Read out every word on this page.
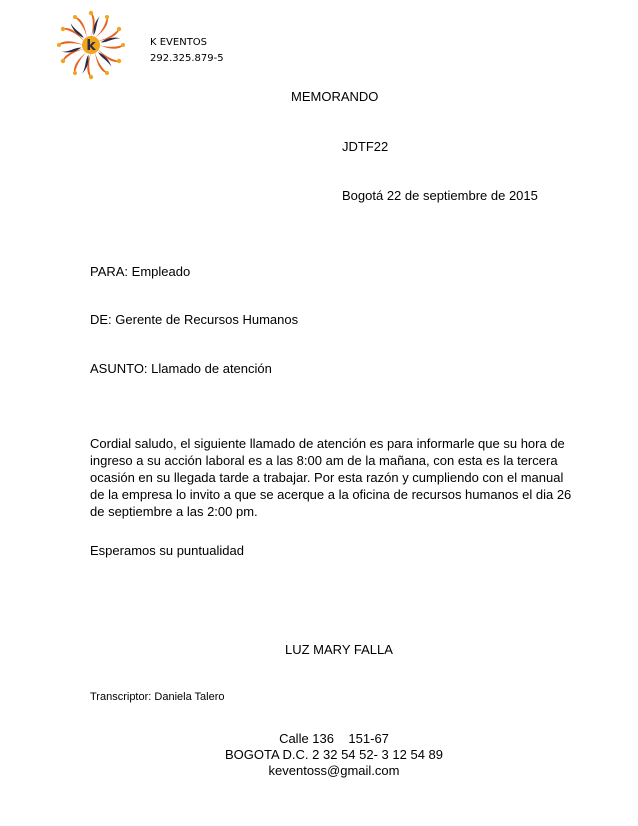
k	K EVENTOS
292.325.879-5
MEMORANDO
JDTF22
Bogotá 22 de septiembre de 2015
PARA: Empleado
DE: Gerente de Recursos Humanos
ASUNTO: Llamado de atención
Cordial saludo, el siguiente llamado de atención es para informarle que su hora de ingreso a su acción laboral es a las 8:00 am de la mañana, con esta es la tercera ocasión en su llegada tarde a trabajar. Por esta razón y cumpliendo con el manual de la empresa lo invito a que se acerque a la oficina de recursos humanos el dia 26 de septiembre a las 2:00 pm.
Esperamos su puntualidad
LUZ MARY FALLA
Transcriptor: Daniela Talero
Calle 136    151-67
BOGOTA D.C. 2 32 54 52- 3 12 54 89
keventoss@gmail.com
